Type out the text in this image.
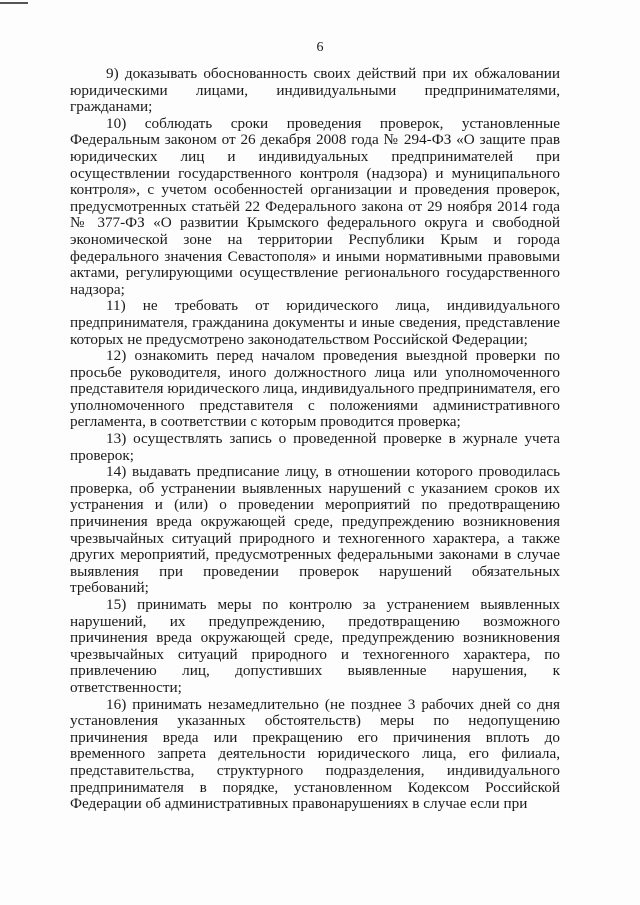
6

9) доказывать обоснованность своих действий при их обжаловании юридическими лицами, индивидуальными предпринимателями, гражданами;

10) соблюдать сроки проведения проверок, установленные Федеральным законом от 26 декабря 2008 года № 294-ФЗ «О защите прав юридических лиц и индивидуальных предпринимателей при осуществлении государственного контроля (надзора) и муниципального контроля», с учетом особенностей организации и проведения проверок, предусмотренных статьёй 22 Федерального закона от 29 ноября 2014 года № 377-ФЗ «О развитии Крымского федерального округа и свободной экономической зоне на территории Республики Крым и города федерального значения Севастополя» и иными нормативными правовыми актами, регулирующими осуществление регионального государственного надзора;

11) не требовать от юридического лица, индивидуального предпринимателя, гражданина документы и иные сведения, представление которых не предусмотрено законодательством Российской Федерации;

12) ознакомить перед началом проведения выездной проверки по просьбе руководителя, иного должностного лица или уполномоченного представителя юридического лица, индивидуального предпринимателя, его уполномоченного представителя с положениями административного регламента, в соответствии с которым проводится проверка;

13) осуществлять запись о проведенной проверке в журнале учета проверок;

14) выдавать предписание лицу, в отношении которого проводилась проверка, об устранении выявленных нарушений с указанием сроков их устранения и (или) о проведении мероприятий по предотвращению причинения вреда окружающей среде, предупреждению возникновения чрезвычайных ситуаций природного и техногенного характера, а также других мероприятий, предусмотренных федеральными законами в случае выявления при проведении проверок нарушений обязательных требований;

15) принимать меры по контролю за устранением выявленных нарушений, их предупреждению, предотвращению возможного причинения вреда окружающей среде, предупреждению возникновения чрезвычайных ситуаций природного и техногенного характера, по привлечению лиц, допустивших выявленные нарушения, к ответственности;

16) принимать незамедлительно (не позднее 3 рабочих дней со дня установления указанных обстоятельств) меры по недопущению причинения вреда или прекращению его причинения вплоть до временного запрета деятельности юридического лица, его филиала, представительства, структурного подразделения, индивидуального предпринимателя в порядке, установленном Кодексом Российской Федерации об административных правонарушениях в случае если при
